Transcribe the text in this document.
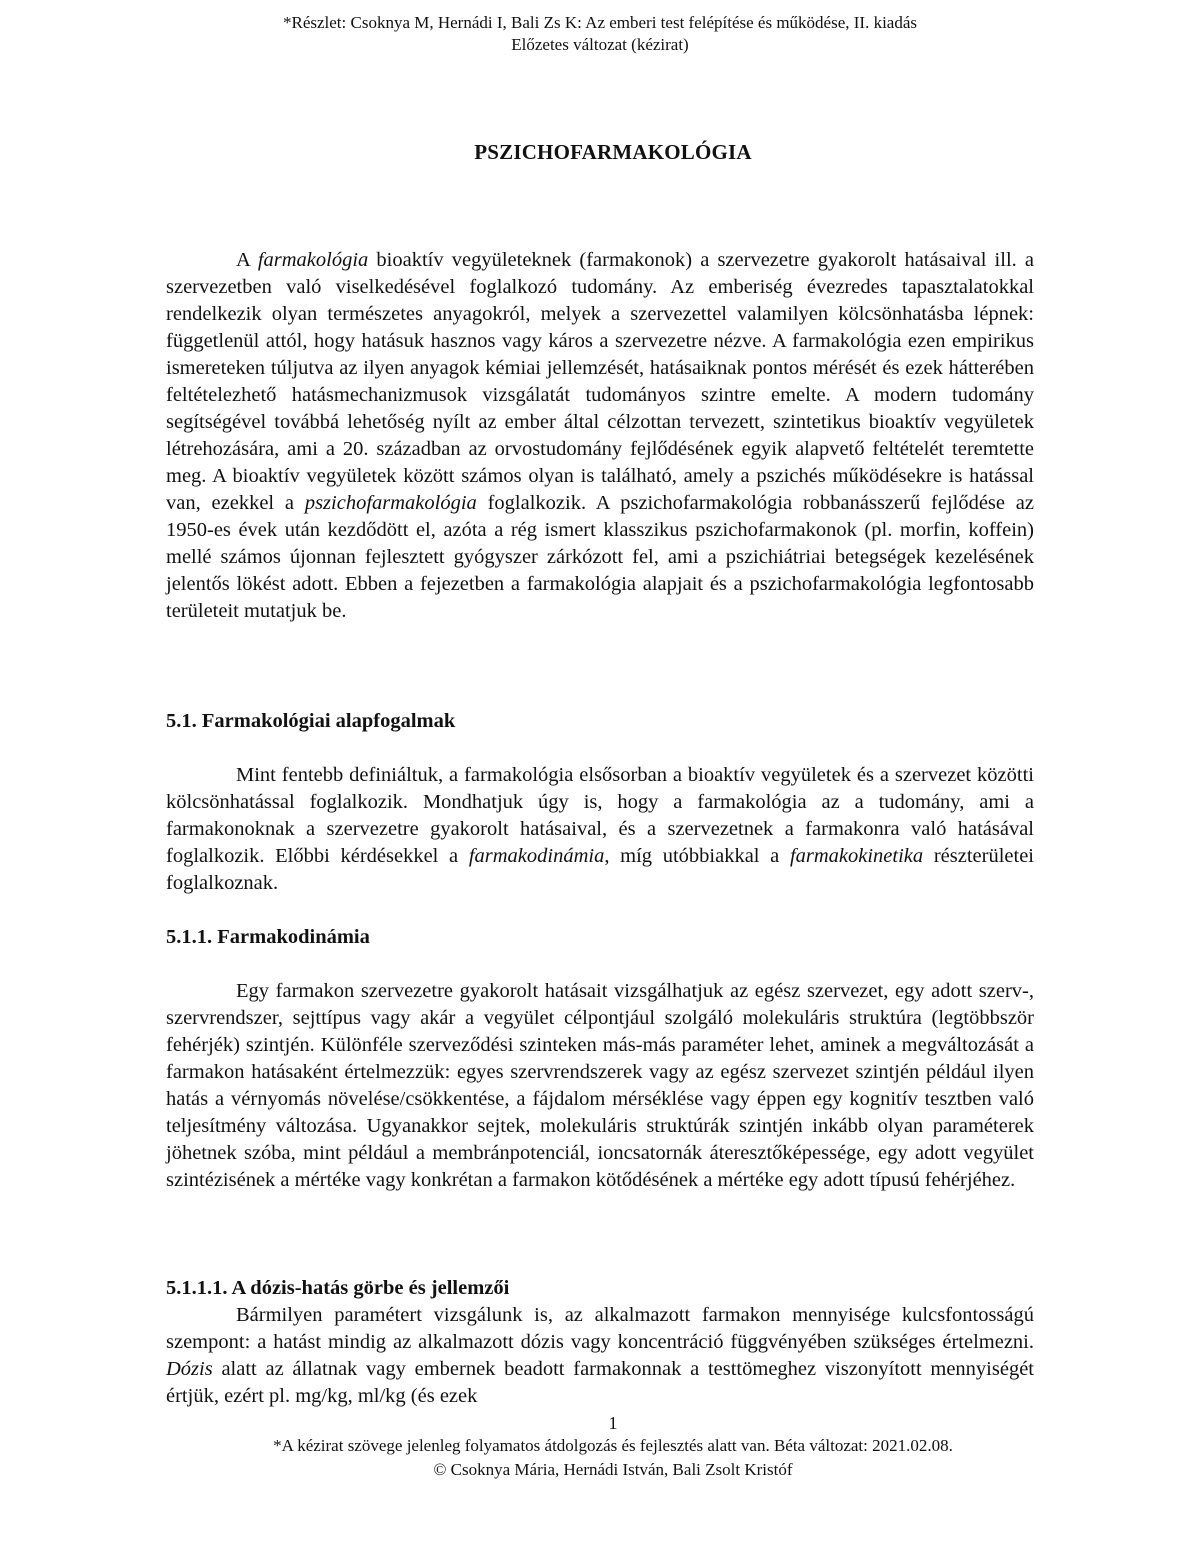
*Részlet: Csoknya M, Hernádi I, Bali Zs K: Az emberi test felépítése és működése, II. kiadás
Előzetes változat (kézirat)
PSZICHOFARMAKOLÓGIA

A farmakológia bioaktív vegyületeknek (farmakonok) a szervezetre gyakorolt hatásaival ill. a szervezetben való viselkedésével foglalkozó tudomány. Az emberiség évezredes tapasztalatokkal rendelkezik olyan természetes anyagokról, melyek a szervezettel valamilyen kölcsönhatásba lépnek: függetlenül attól, hogy hatásuk hasznos vagy káros a szervezetre nézve. A farmakológia ezen empirikus ismereteken túljutva az ilyen anyagok kémiai jellemzését, hatásaiknak pontos mérését és ezek hátterében feltételezhető hatásmechanizmusok vizsgálatát tudományos szintre emelte. A modern tudomány segítségével továbbá lehetőség nyílt az ember által célzottan tervezett, szintetikus bioaktív vegyületek létrehozására, ami a 20. században az orvostudomány fejlődésének egyik alapvető feltételét teremtette meg. A bioaktív vegyületek között számos olyan is található, amely a pszichés működésekre is hatással van, ezekkel a pszichofarmakológia foglalkozik. A pszichofarmakológia robbanásszerű fejlődése az 1950-es évek után kezdődött el, azóta a rég ismert klasszikus pszichofarmakonok (pl. morfin, koffein) mellé számos újonnan fejlesztett gyógyszer zárkózott fel, ami a pszichiátriai betegségek kezelésének jelentős lökést adott. Ebben a fejezetben a farmakológia alapjait és a pszichofarmakológia legfontosabb területeit mutatjuk be.

5.1. Farmakológiai alapfogalmak

Mint fentebb definiáltuk, a farmakológia elsősorban a bioaktív vegyületek és a szervezet közötti kölcsönhatással foglalkozik. Mondhatjuk úgy is, hogy a farmakológia az a tudomány, ami a farmakonoknak a szervezetre gyakorolt hatásaival, és a szervezetnek a farmakonra való hatásával foglalkozik. Előbbi kérdésekkel a farmakodinámia, míg utóbbiakkal a farmakokinetika részterületei foglalkoznak.

5.1.1. Farmakodinámia

Egy farmakon szervezetre gyakorolt hatásait vizsgálhatjuk az egész szervezet, egy adott szerv-, szervrendszer, sejttípus vagy akár a vegyület célpontjául szolgáló molekuláris struktúra (legtöbbször fehérjék) szintjén. Különféle szerveződési szinteken más-más paraméter lehet, aminek a megváltozását a farmakon hatásaként értelmezzük: egyes szervrendszerek vagy az egész szervezet szintjén például ilyen hatás a vérnyomás növelése/csökkentése, a fájdalom mérséklése vagy éppen egy kognitív tesztben való teljesítmény változása. Ugyanakkor sejtek, molekuláris struktúrák szintjén inkább olyan paraméterek jöhetnek szóba, mint például a membránpotenciál, ioncsatornák áteresztőképessége, egy adott vegyület szintézisének a mértéke vagy konkrétan a farmakon kötődésének a mértéke egy adott típusú fehérjéhez.

5.1.1.1. A dózis-hatás görbe és jellemzői

Bármilyen paramétert vizsgálunk is, az alkalmazott farmakon mennyisége kulcsfontosságú szempont: a hatást mindig az alkalmazott dózis vagy koncentráció függvényében szükséges értelmezni. Dózis alatt az állatnak vagy embernek beadott farmakonnak a testtömeghez viszonyított mennyiségét értjük, ezért pl. mg/kg, ml/kg (és ezek

1
*A kézirat szövege jelenleg folyamatos átdolgozás és fejlesztés alatt van. Béta változat: 2021.02.08.
© Csoknya Mária, Hernádi István, Bali Zsolt Kristóf
